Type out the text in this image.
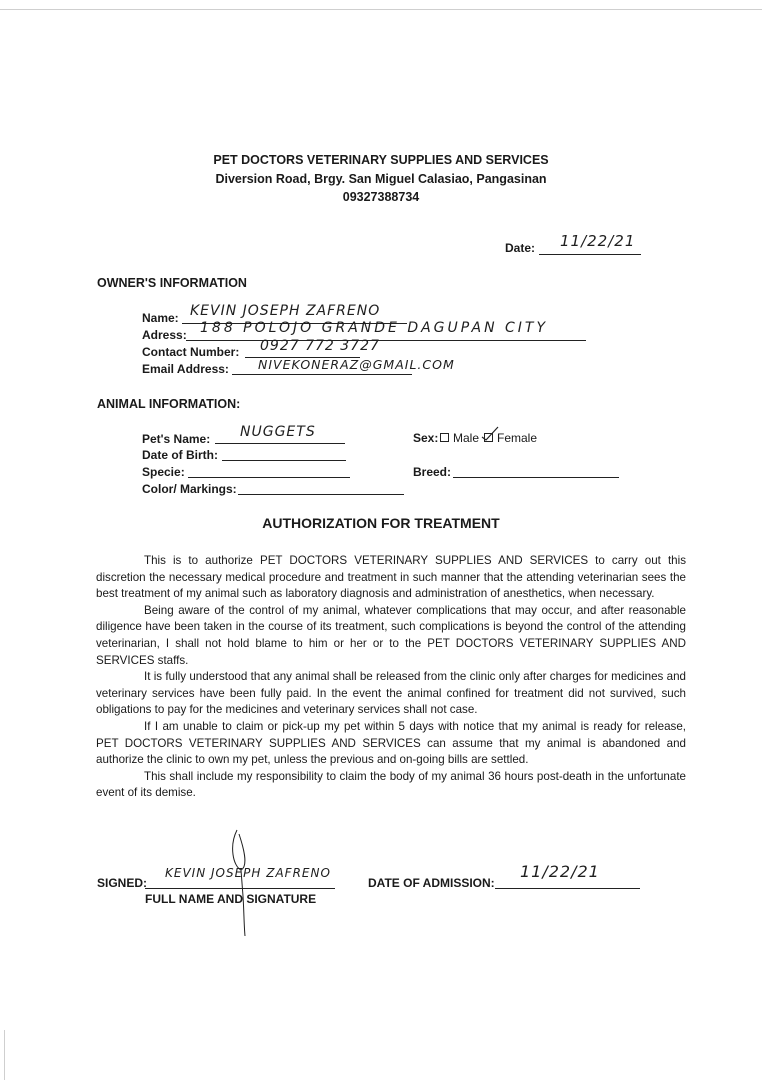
PET DOCTORS VETERINARY SUPPLIES AND SERVICES
Diversion Road, Brgy. San Miguel Calasiao, Pangasinan
09327388734
Date: 11/22/21
OWNER'S INFORMATION
Name: KEVIN JOSEPH ZAFRENO
Adress: 188 POLOJO GRANDE DAGUPAN CITY
Contact Number: 0927 772 3727
Email Address: NIVEKONERAZ@GMAIL.COM
ANIMAL INFORMATION:
Pet's Name: NUGGETS
Date of Birth:
Specie:
Color/ Markings:
Sex:	Male	Female
Breed:
AUTHORIZATION FOR TREATMENT

This is to authorize PET DOCTORS VETERINARY SUPPLIES AND SERVICES to carry out this discretion the necessary medical procedure and treatment in such manner that the attending veterinarian sees the best treatment of my animal such as laboratory diagnosis and administration of anesthetics, when necessary.

Being aware of the control of my animal, whatever complications that may occur, and after reasonable diligence have been taken in the course of its treatment, such complications is beyond the control of the attending veterinarian, I shall not hold blame to him or her or to the PET DOCTORS VETERINARY SUPPLIES AND SERVICES staffs.

It is fully understood that any animal shall be released from the clinic only after charges for medicines and veterinary services have been fully paid. In the event the animal confined for treatment did not survived, such obligations to pay for the medicines and veterinary services shall not case.

If I am unable to claim or pick-up my pet within 5 days with notice that my animal is ready for release, PET DOCTORS VETERINARY SUPPLIES AND SERVICES can assume that my animal is abandoned and authorize the clinic to own my pet, unless the previous and on-going bills are settled.

This shall include my responsibility to claim the body of my animal 36 hours post-death in the unfortunate event of its demise.

SIGNED:
KEVIN JOSEPH ZAFRENO
FULL NAME AND SIGNATURE
DATE OF ADMISSION:
11/22/21
